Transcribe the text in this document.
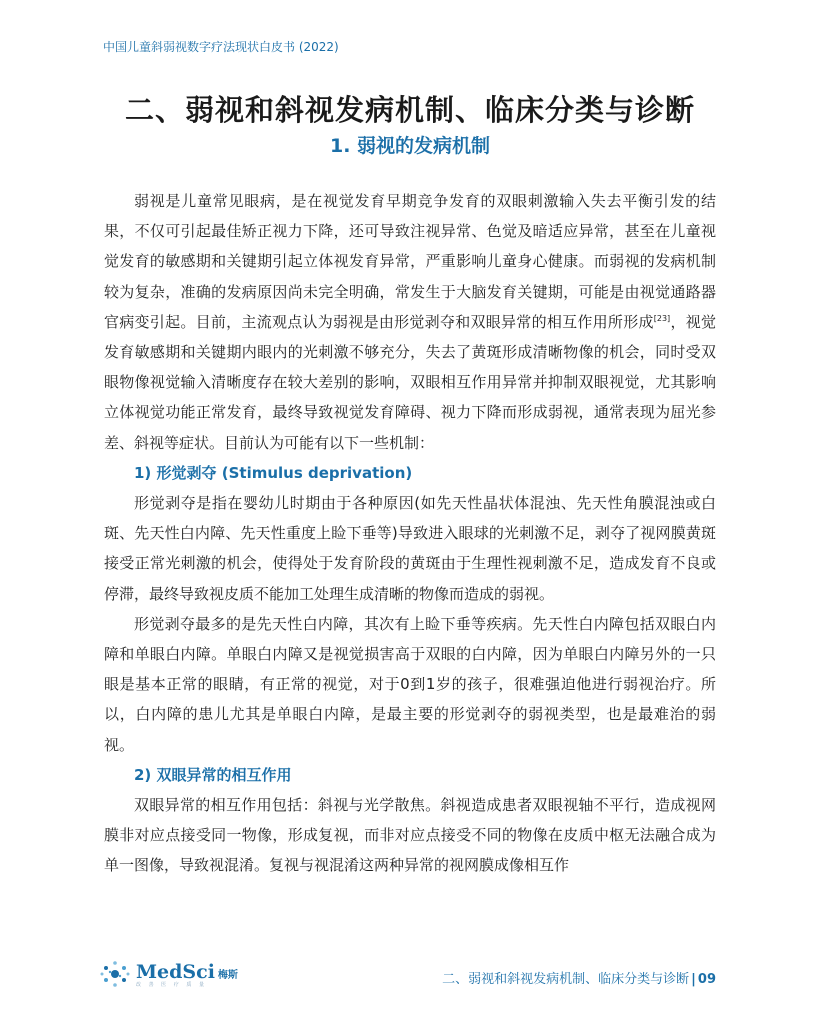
中国儿童斜弱视数字疗法现状白皮书 (2022)
二、弱视和斜视发病机制、临床分类与诊断
1. 弱视的发病机制

弱视是儿童常见眼病，是在视觉发育早期竞争发育的双眼刺激输入失去平衡引发的结果，不仅可引起最佳矫正视力下降，还可导致注视异常、色觉及暗适应异常，甚至在儿童视觉发育的敏感期和关键期引起立体视发育异常，严重影响儿童身心健康。而弱视的发病机制较为复杂，准确的发病原因尚未完全明确，常发生于大脑发育关键期，可能是由视觉通路器官病变引起。目前，主流观点认为弱视是由形觉剥夺和双眼异常的相互作用所形成[23]，视觉发育敏感期和关键期内眼内的光刺激不够充分，失去了黄斑形成清晰物像的机会，同时受双眼物像视觉输入清晰度存在较大差别的影响，双眼相互作用异常并抑制双眼视觉，尤其影响立体视觉功能正常发育，最终导致视觉发育障碍、视力下降而形成弱视，通常表现为屈光参差、斜视等症状。目前认为可能有以下一些机制：

1) 形觉剥夺 (Stimulus deprivation)

形觉剥夺是指在婴幼儿时期由于各种原因(如先天性晶状体混浊、先天性角膜混浊或白斑、先天性白内障、先天性重度上睑下垂等)导致进入眼球的光刺激不足，剥夺了视网膜黄斑接受正常光刺激的机会，使得处于发育阶段的黄斑由于生理性视刺激不足，造成发育不良或停滞，最终导致视皮质不能加工处理生成清晰的物像而造成的弱视。

形觉剥夺最多的是先天性白内障，其次有上睑下垂等疾病。先天性白内障包括双眼白内障和单眼白内障。单眼白内障又是视觉损害高于双眼的白内障，因为单眼白内障另外的一只眼是基本正常的眼睛，有正常的视觉，对于0到1岁的孩子，很难强迫他进行弱视治疗。所以，白内障的患儿尤其是单眼白内障，是最主要的形觉剥夺的弱视类型，也是最难治的弱视。

2) 双眼异常的相互作用

双眼异常的相互作用包括：斜视与光学散焦。斜视造成患者双眼视轴不平行，造成视网膜非对应点接受同一物像，形成复视，而非对应点接受不同的物像在皮质中枢无法融合成为单一图像，导致视混淆。复视与视混淆这两种异常的视网膜成像相互作

MedSci 梅斯
改 善 医 疗 质 量	二、弱视和斜视发病机制、临床分类与诊断 | 09
